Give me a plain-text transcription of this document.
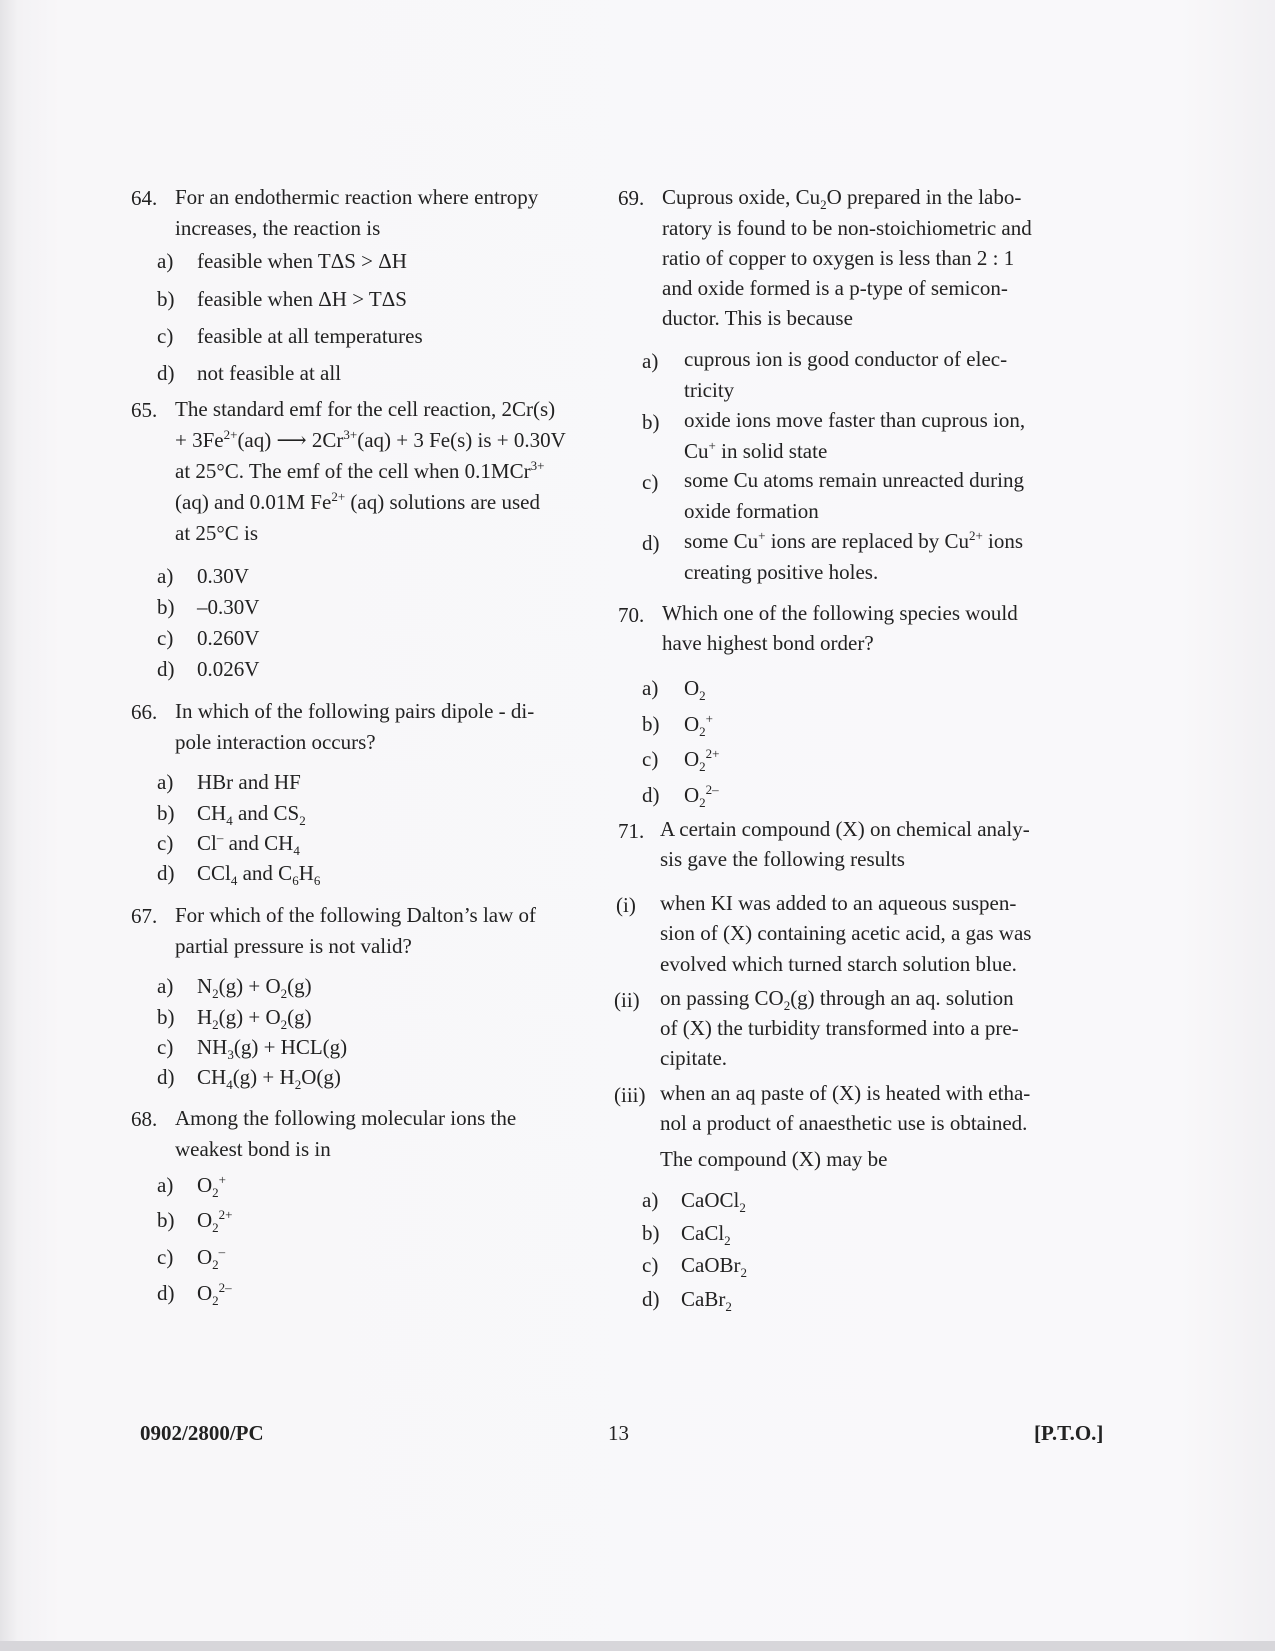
64. For an endothermic reaction where entropy
increases, the reaction is
a) feasible when TΔS > ΔH
b) feasible when ΔH > TΔS
c) feasible at all temperatures
d) not feasible at all
65. The standard emf for the cell reaction, 2Cr(s)
+ $3Fe^{2+}(aq)$ ⟶ $2Cr^{3+}(aq) + 3$ Fe(s) is + 0.30V
at 25°C. The emf of the cell when 0.1MCr$^{3+}$
(aq) and 0.01M $Fe^{2+}$ (aq) solutions are used
at 25°C is
a) 0.30V
b) –0.30V
c) 0.260V
d) 0.026V
66. In which of the following pairs dipole - di-
pole interaction occurs?
a) HBr and HF
b) $CH_4$ and $CS_2$
c) Cl– and $CH_4$
d) CCl$_4$ and $C_6H_6$
67. For which of the following Dalton’s law of
partial pressure is not valid?
a) $N_2(g) + O_2(g)$
b) $H_2(g) + O_2(g)$
c) $NH_3(g) + HCL(g)$
d) $CH_4(g) + H_2O(g)$
68. Among the following molecular ions the
weakest bond is in
a) $O_2^+$
b) $O_2^{2+}$
c) $O_2^-$
d) $O_2^{2-}$
69. Cuprous oxide, $Cu_2O$ prepared in the labo-
ratory is found to be non-stoichiometric and
ratio of copper to oxygen is less than 2 : 1
and oxide formed is a p-type of semicon-
ductor. This is because
a) cuprous ion is good conductor of elec-
tricity
b) oxide ions move faster than cuprous ion,
Cu+ in solid state
c) some Cu atoms remain unreacted during
oxide formation
d) some Cu+ ions are replaced by $Cu^{2+}$ ions
creating positive holes.
70. Which one of the following species would
have highest bond order?
a) $O_2$
b) $O_2^+$
c) $O_2^{2+}$
d) $O_2^{2-}$
71. A certain compound (X) on chemical analy-
sis gave the following results
(i) when KI was added to an aqueous suspen-
sion of (X) containing acetic acid, a gas was
evolved which turned starch solution blue.
(ii) on passing $CO_2(g)$ through an aq. solution
of (X) the turbidity transformed into a pre-
cipitate.
(iii) when an aq paste of (X) is heated with etha-
nol a product of anaesthetic use is obtained.
The compound (X) may be
a) CaOCl$_2$
b) CaCl$_2$
c) CaOBr$_2$
d) CaBr$_2$
0902/2800/PC	13	[P.T.O.]
